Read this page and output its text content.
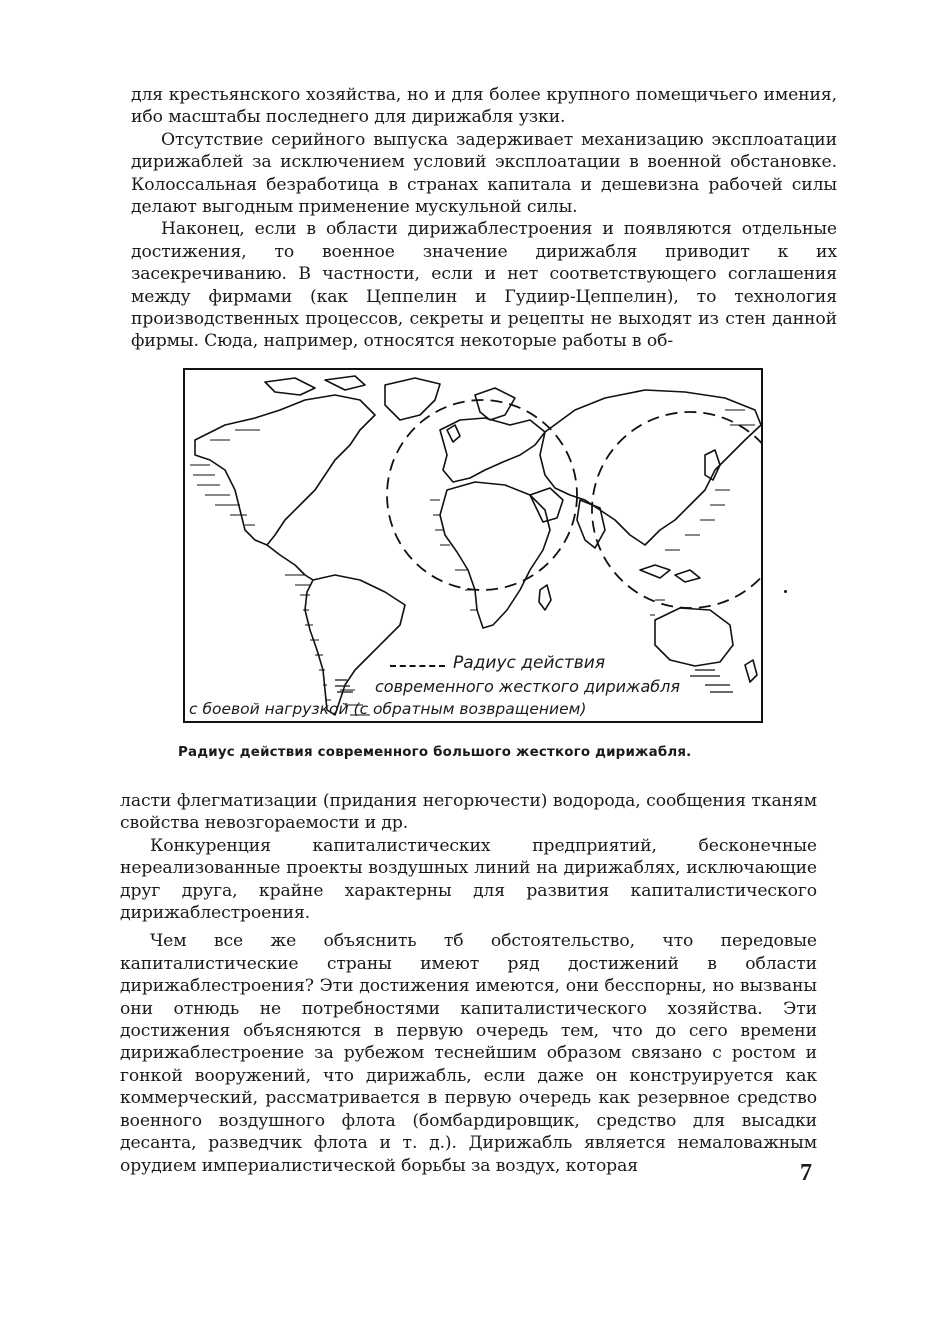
для крестьянского хозяйства, но и для более крупного помещичьего имения, ибо масштабы последнего для дирижабля узки.

Отсутствие серийного выпуска задерживает механизацию эксплоатации дирижаблей за исключением условий эксплоатации в военной обстановке. Колоссальная безработица в странах капитала и дешевизна рабочей силы делают выгодным применение мускульной силы.

Наконец, если в области дирижаблестроения и появляются отдельные достижения, то военное значение дирижабля приводит к их засекречиванию. В частности, если и нет соответствующего соглашения между фирмами (как Цеппелин и Гудиир-Цеппелин), то технология производственных процессов, секреты и рецепты не выходят из стен данной фирмы. Сюда, например, относятся некоторые работы в об-

Радиус действия
современного жесткого дирижабля
с боевой нагрузкой (с обратным возвращением)
Радиус действия современного большого жесткого дирижабля.

ласти флегматизации (придания негорючести) водорода, сообщения тканям свойства невозгораемости и др.

Конкуренция капиталистических предприятий, бесконечные нереализованные проекты воздушных линий на дирижаблях, исключающие друг друга, крайне характерны для развития капиталистического дирижаблестроения.

Чем все же объяснить тб обстоятельство, что передовые капиталистические страны имеют ряд достижений в области дирижаблестроения? Эти достижения имеются, они бесспорны, но вызваны они отнюдь не потребностями капиталистического хозяйства. Эти достижения объясняются в первую очередь тем, что до сего времени дирижаблестроение за рубежом теснейшим образом связано с ростом и гонкой вооружений, что дирижабль, если даже он конструируется как коммерческий, рассматривается в первую очередь как резервное средство военного воздушного флота (бомбардировщик, средство для высадки десанта, разведчик флота и т. д.). Дирижабль является немаловажным орудием империалистической борьбы за воздух, которая	7
